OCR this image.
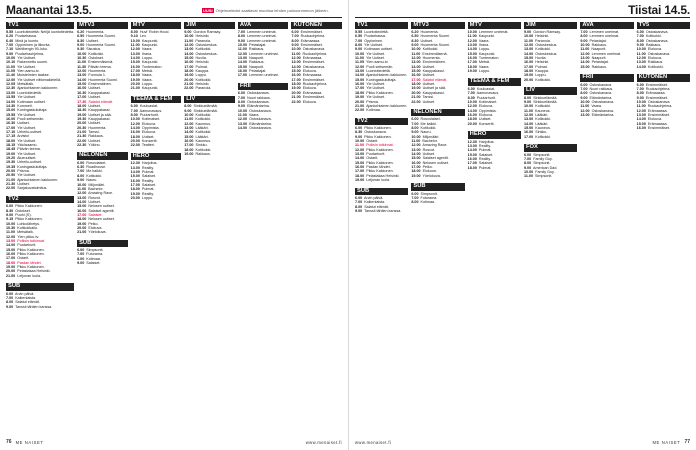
Maanantai 13.5.	UUSI Ohjelmatiedot saattavat muuttua lehden painoonmenon jälkeen.
TV1
5.55 Luontotiedettä: Nelijä luontotiedetta.
6.20 Puutarhassa.
6.40 Minä ja luonto.
7.00 Oppiminen ja liikunta.
7.10 Wahlbergin 90-luku.
9.00 Puutarhaohjelma.
10.00 Yle Uutiset.
10.10 Rakennettu suomi.
11.00 Yle Uutiset.
11.05 Ylen aamu-tv.
11.40 Muistelmien taakse.
12.00 Yle Uutiset viittomakielellä.
12.05 Metsätalk.
12.30 Ajankohtainen kakkonen.
13.00 Luontotiedettä.
13.55 Yle Uutiset.
14.00 Kotimaan uutiset.
14.30 Kummeli.
15.00 Kuningaskuluttaja.
15.55 Yle Uutiset.
16.00 Puoli seitsemän.
16.30 Uutiset.
17.00 Yle Uutiset.
17.10 Urheilu-uutiset.
17.15 Arvisto!
18.00 Yle Uutiset.
18.15 Ykkösaamu.
18.45 Päivän teema.
19.00 Yle Uutiset.
19.20 Alueuutiset.
19.30 Urheilu-uutiset.
19.35 Kuningaskuluttaja.
20.00 Prisma.
20.50 Yle Uutiset.
21.00 Ajankohtainen kakkonen.
21.30 Uutiset.
22.00 Sarjakuvatoimitus.
TV2
6.00 Pikku Kakkonen.
8.30 Ostokset.
9.00 Puuhi (S).
9.15 Pikku Kakkonen.
10.00 Lohkolähetys.
10.30 Kotikokkailu.
11.00 Metsätalk.
12.00 Ylen pikku-tv.
13.00 Poliisin tutkinnat.
14.00 Puutarhurit.
15.00 Pikku Kakkonen.
16.00 Pikku Kakkonen.
17.00 Ostarit.
18.00 Pasilan tähdet.
19.00 Pikku Kakkonen.
20.00 Pelastakaa Helsinki.
21.00 Leijonan luola.
SUB
6.00 Arvin päivä.
7.00 Kaikenlaista.
8.00 Salatut elämät.
9.00 Tanssii tähtien kanssa.
MTV3
6.20 Huomenta.
6.50 Huomenta Suomi.
8.30 Uutiset.
9.00 Huomenta Suomi.
9.30 Sisustus.
10.00 Kotikokki.
10.30 Ostokset.
11.00 Ensimmäisenä.
11.30 Päivän teema.
12.00 Huomenta.
13.00 Formula 1.
14.00 Huomenta Suomi.
15.00 Ensimmäinen.
16.00 Uutiset.
16.30 Kauppakassi.
17.00 Uutiset.
17.30 Salatut elämät.
18.00 Uutiset.
18.30 Kauppakassi.
19.00 Uutiset ja sää.
19.30 Kauppakassi.
20.00 Uutiset.
20.30 Huomenta.
21.00 Tanssi.
21.30 Rakkaus.
22.00 Uutiset.
22.30 Yökino.
NELONEN
6.00 Rosvolaiset.
6.30 Roadhouse.
7.00 Me kaikki.
8.00 Kotikokki.
9.00 Nauru.
10.00 Miljonääri.
11.00 Bachelor.
12.00 Amazing Race.
13.00 Rosvot.
14.00 Uutiset.
15.00 Nelosen uutiset.
16.00 Salaiset agentit.
17.00 Salaiset.
18.00 Nelosen uutiset.
19.00 Pelko.
20.00 Elokuva.
21.00 Yöelokuva.
SUB
6.00 Simpsonit.
7.00 Futurama.
8.00 Kotimaa.
9.00 Salaiset.
MTV
8.00 Huvi' Robin Hood.
9.10 Lev.
10.00 Kaupunki.
11.00 Kaupunki.
12.00 Vaara.
13.00 Ihana.
14.00 Loppu.
15.00 Kaupunki.
16.00 Tuntematon.
17.00 Metsä.
18.00 Vaara.
19.00 Vaara.
20.00 Loppu.
21.00 Kaupunki.
TEEMA & FEM
6.00 Kouluasiat.
7.00 Aamunavaus.
8.00 Puutarhurit.
10.00 Kotimaiset.
12.00 Elokuva.
14.00 Oppimista.
16.00 Elokuva.
18.00 Uutiset.
20.00 Konsertti.
22.00 Teatteri.
HERO
12.30 Harjoitus.
13.00 Reality.
14.00 Pulmat.
15.00 Salaiset.
16.00 Reality.
17.00 Salaiset.
18.00 Pulmat.
19.00 Reality.
20.00 Loppu.
JIM
9.00 Gordon Ramsay.
10.00 Helsinki.
11.00 Paranoia.
12.00 Ostoskeskus.
13.00 Kotikokki.
14.00 Ostoskeskus.
15.00 Huvila.
16.00 Helsinki.
17.00 Pulmat.
18.00 Kauppa.
19.00 Loppu.
20.00 Kotikokki.
21.00 Helsinki.
22.00 Paranoia.
LIV
8.00 Sinkkuelämää.
9.00 Sinkkuelämää.
10.00 Kotikokki.
11.00 Kotikokki.
12.00 Kauneus.
13.00 Lääkäri.
14.00 Kotikokki.
15.00 Lääkäri.
16.00 Kauneus.
17.00 Sinkku.
18.00 Kotikokki.
19.00 Rakkaus.
AVA
7.00 Lemmen unelmat.
8.00 Lemmen unelmat.
9.00 Lemmen unelmat.
10.00 Pelastajat.
11.00 Rakkaus.
12.00 Lemmen unelmat.
13.00 Naapurit.
14.00 Rakkaus.
15.00 Naapurit.
16.00 Pelastajat.
17.00 Lemmen unelmat.
FRII
6.00 Ostoskanava.
7.00 Nuori rakkaus.
8.00 Ostoskanava.
9.00 Elämäntarina.
10.00 Ostoskanava.
11.00 Vaara.
12.00 Ostoskanava.
13.00 Elämäntarina.
14.00 Ostoskanava.
KUTONEN
6.00 Ensimmäiset.
7.00 Ruokaohjelma.
8.00 Erämaassa.
9.00 Ensimmäiset.
10.00 Ostoskanava.
11.00 Ruokaohjelma.
12.00 Erämaassa.
13.00 Ensimmäiset.
14.00 Ostoskanava.
15.00 Elokuva.
16.00 Erämaassa.
17.00 Ensimmäiset.
18.00 Ruokaohjelma.
19.00 Elokuva.
20.00 Erämaassa.
21.00 Ensimmäiset.
22.00 Elokuva.
76 ME NAISET	www.menaiset.fi
Tiistai 14.5.
TV1
5.55 Luontotiedettä.
6.50 Puutarhassa.
7.00 Oppiminen.
8.00 Yle Uutiset.
9.00 Kotimaan uutiset.
10.00 Yle Uutiset.
11.00 Yle Uutiset.
11.05 Ylen aamu-tv.
12.00 Puoli seitsemän.
13.00 Luontotiedettä.
14.00 Ajankohtainen kakkonen.
15.00 Kuningaskuluttaja.
16.00 Yle Uutiset.
17.00 Yle Uutiset.
18.00 Pikku Kakkonen.
19.00 Yle Uutiset.
20.00 Prisma.
21.00 Ajankohtainen kakkonen.
22.00 Kotimaa.
TV2
6.00 Pikku Kakkonen.
8.30 Ostoskanava.
9.00 Pikku Kakkonen.
10.00 Ostarit.
11.00 Poliisin tutkinnat.
12.00 Pikku Kakkonen.
13.00 Puutarhurit.
14.00 Ostarit.
15.00 Pikku Kakkonen.
16.00 Pasilan tähdet.
17.00 Pikku Kakkonen.
18.00 Pelastakaa Helsinki.
19.00 Leijonan luola.
SUB
6.00 Arvin päivä.
7.00 Kaikenlaista.
8.00 Salatut elämät.
9.00 Tanssii tähtien kanssa.
MTV3
6.20 Huomenta.
6.50 Huomenta Suomi.
8.30 Uutiset.
9.00 Huomenta Suomi.
10.00 Kotikokki.
11.00 Ensimmäisenä.
12.00 Huomenta.
13.00 Ensimmäinen.
14.00 Uutiset.
15.00 Kauppakassi.
16.00 Uutiset.
17.00 Salatut elämät.
18.00 Uutiset.
19.00 Uutiset ja sää.
20.00 Kauppakassi.
21.00 Tanssi.
22.00 Uutiset.
NELONEN
6.00 Rosvolaiset.
7.00 Me kaikki.
8.00 Kotikokki.
9.00 Nauru.
10.00 Miljonääri.
11.00 Bachelor.
12.00 Amazing Race.
13.00 Rosvot.
14.00 Uutiset.
15.00 Salaiset agentit.
16.00 Nelosen uutiset.
17.00 Pelko.
18.00 Elokuva.
19.00 Yöelokuva.
SUB
6.00 Simpsonit.
7.00 Futurama.
8.00 Kotimaa.
MTV
10.00 Lemmen unelmat.
11.00 Kaupunki.
12.00 Vaara.
13.00 Ihana.
14.00 Loppu.
15.00 Kaupunki.
16.00 Tuntematon.
17.00 Metsä.
18.00 Vaara.
19.00 Loppu.
TEEMA & FEM
6.00 Kouluasiat.
7.00 Aamunavaus.
8.00 Puutarhurit.
10.00 Kotimaiset.
12.00 Elokuva.
14.00 Oppimista.
16.00 Elokuva.
18.00 Uutiset.
20.00 Konsertti.
HERO
12.30 Harjoitus.
13.00 Reality.
14.00 Pulmat.
15.00 Salaiset.
16.00 Reality.
17.00 Salaiset.
18.00 Pulmat.
JIM
9.00 Gordon Ramsay.
10.00 Helsinki.
11.00 Paranoia.
12.00 Ostoskeskus.
13.00 Kotikokki.
14.00 Ostoskeskus.
15.00 Huvila.
16.00 Helsinki.
17.00 Pulmat.
18.00 Kauppa.
19.00 Loppu.
20.00 Kotikokki.
LIV
8.00 Sinkkuelämää.
9.00 Sinkkuelämää.
10.00 Kotikokki.
11.00 Kauneus.
12.00 Lääkäri.
13.00 Kotikokki.
14.00 Lääkäri.
15.00 Kauneus.
16.00 Sinkku.
17.00 Kotikokki.
FOX
6.00 Simpsonit.
7.00 Family Guy.
8.00 Simpsonit.
9.00 American Dad.
10.00 Family Guy.
11.00 Simpsonit.
AVA
7.00 Lemmen unelmat.
8.00 Lemmen unelmat.
9.00 Pelastajat.
10.00 Rakkaus.
11.00 Naapurit.
12.00 Lemmen unelmat.
13.00 Naapurit.
14.00 Pelastajat.
15.00 Rakkaus.
FRII
6.00 Ostoskanava.
7.00 Nuori rakkaus.
8.00 Ostoskanava.
9.00 Elämäntarina.
10.00 Ostoskanava.
11.00 Vaara.
12.00 Ostoskanava.
13.00 Elämäntarina.
TV5
6.00 Ostoskanava.
7.00 Kotikokki.
8.00 Ostoskanava.
9.00 Rakkaus.
10.00 Elokuva.
11.00 Ostoskanava.
12.00 Elokuva.
13.00 Rakkaus.
14.00 Kotikokki.
KUTONEN
6.00 Ensimmäiset.
7.00 Ruokaohjelma.
8.00 Erämaassa.
9.00 Ensimmäiset.
10.00 Ostoskanava.
11.00 Ruokaohjelma.
12.00 Erämaassa.
13.00 Ensimmäiset.
14.00 Elokuva.
15.00 Erämaassa.
16.00 Ensimmäiset.
www.menaiset.fi	77
ME NAISET
